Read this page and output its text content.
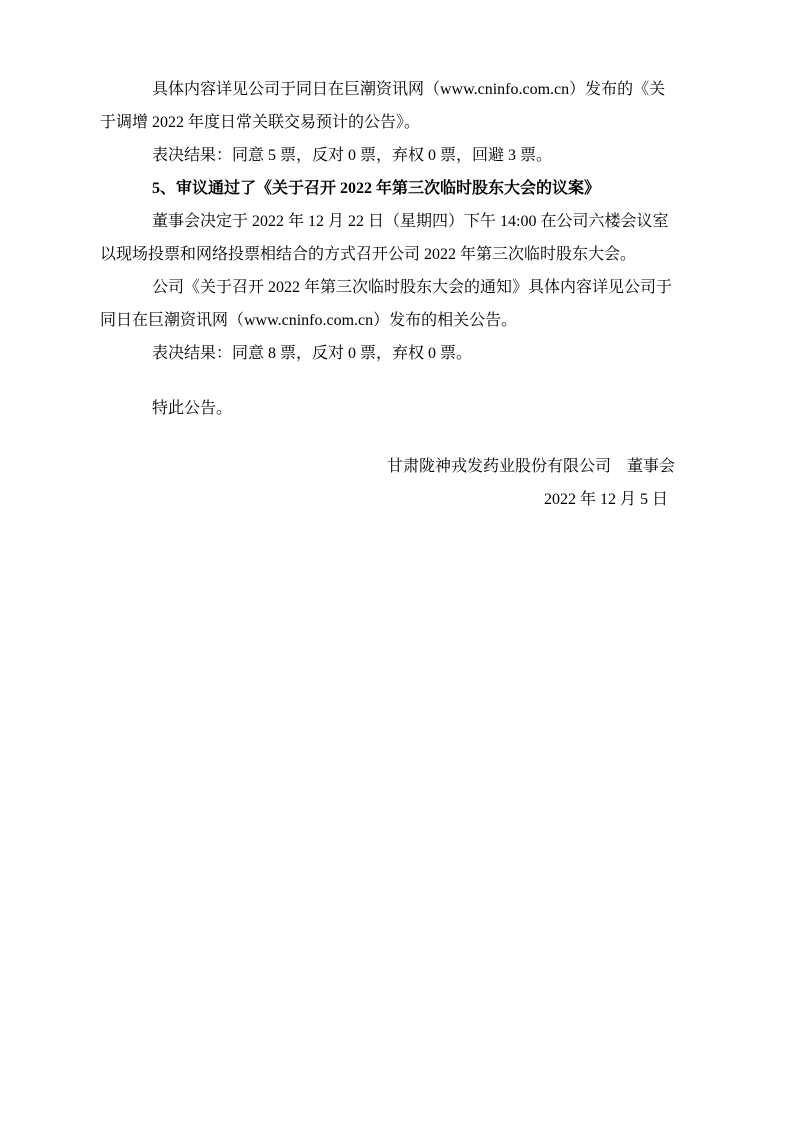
具体内容详见公司于同日在巨潮资讯网（www.cninfo.com.cn）发布的《关
于调增 2022 年度日常关联交易预计的公告》。
表决结果：同意 5 票，反对 0 票，弃权 0 票，回避 3 票。
5、审议通过了《关于召开 2022 年第三次临时股东大会的议案》
董事会决定于 2022 年 12 月 22 日（星期四）下午 14:00 在公司六楼会议室
以现场投票和网络投票相结合的方式召开公司 2022 年第三次临时股东大会。
公司《关于召开 2022 年第三次临时股东大会的通知》具体内容详见公司于
同日在巨潮资讯网（www.cninfo.com.cn）发布的相关公告。
表决结果：同意 8 票，反对 0 票，弃权 0 票。
特此公告。
甘肃陇神戎发药业股份有限公司　董事会
2022 年 12 月 5 日
